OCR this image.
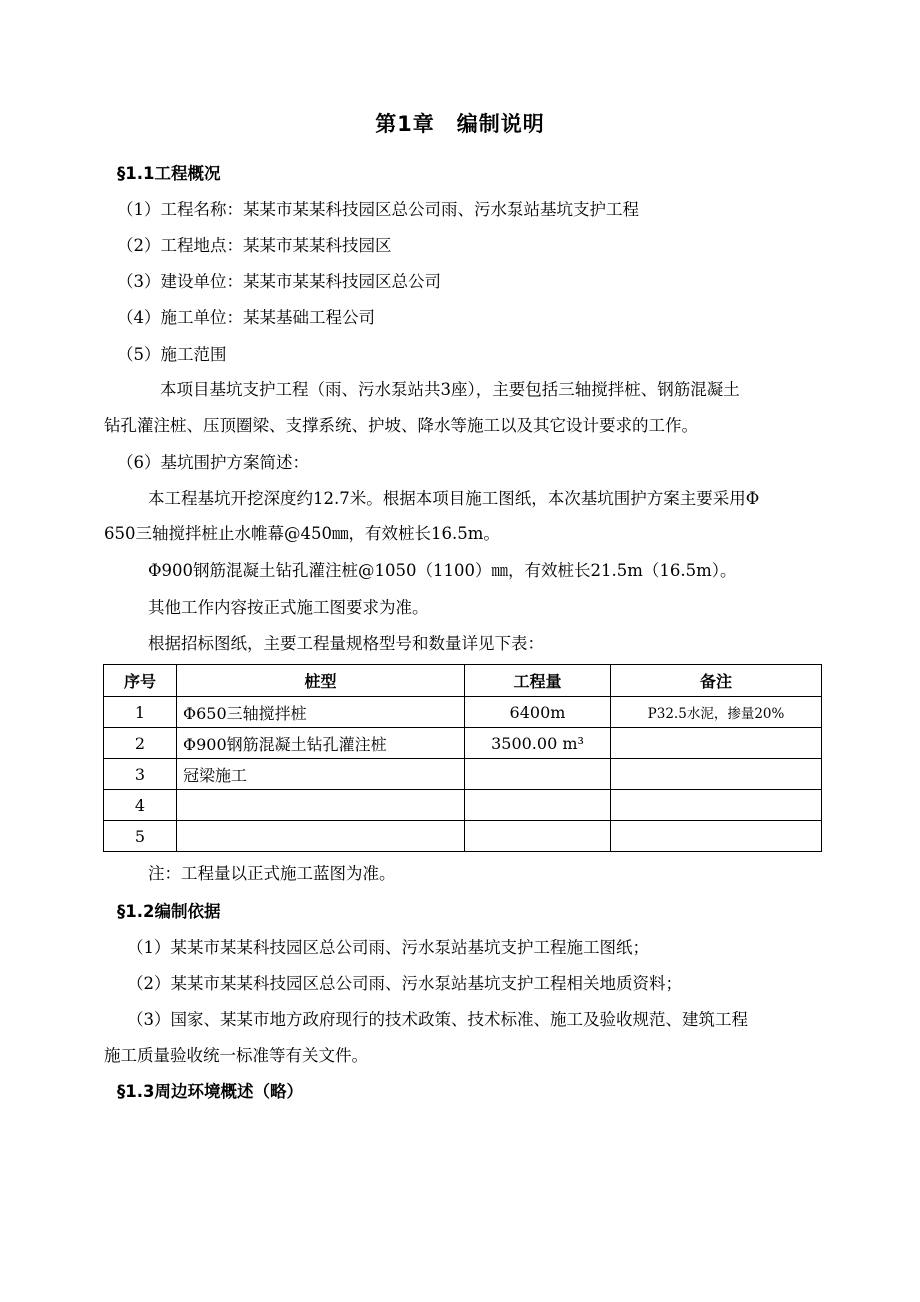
第1章　编制说明
§1.1工程概况
（1）工程名称：某某市某某科技园区总公司雨、污水泵站基坑支护工程
（2）工程地点：某某市某某科技园区
（3）建设单位：某某市某某科技园区总公司
（4）施工单位：某某基础工程公司
（5）施工范围
本项目基坑支护工程（雨、污水泵站共3座），主要包括三轴搅拌桩、钢筋混凝土
钻孔灌注桩、压顶圈梁、支撑系统、护坡、降水等施工以及其它设计要求的工作。
（6）基坑围护方案简述：
本工程基坑开挖深度约12.7米。根据本项目施工图纸，本次基坑围护方案主要采用Φ
650三轴搅拌桩止水帷幕@450㎜，有效桩长16.5m。
Φ900钢筋混凝土钻孔灌注桩@1050（1100）㎜，有效桩长21.5m（16.5m）。
其他工作内容按正式施工图要求为准。
根据招标图纸，主要工程量规格型号和数量详见下表：
序号	桩型	工程量	备注
1	Φ650三轴搅拌桩	6400m	P32.5水泥，掺量20%
2	Φ900钢筋混凝土钻孔灌注桩	3500.00 m³	
3	冠梁施工		
4			
5			
注：工程量以正式施工蓝图为准。
§1.2编制依据
（1）某某市某某科技园区总公司雨、污水泵站基坑支护工程施工图纸；
（2）某某市某某科技园区总公司雨、污水泵站基坑支护工程相关地质资料；
（3）国家、某某市地方政府现行的技术政策、技术标准、施工及验收规范、建筑工程
施工质量验收统一标准等有关文件。
§1.3周边环境概述（略）
